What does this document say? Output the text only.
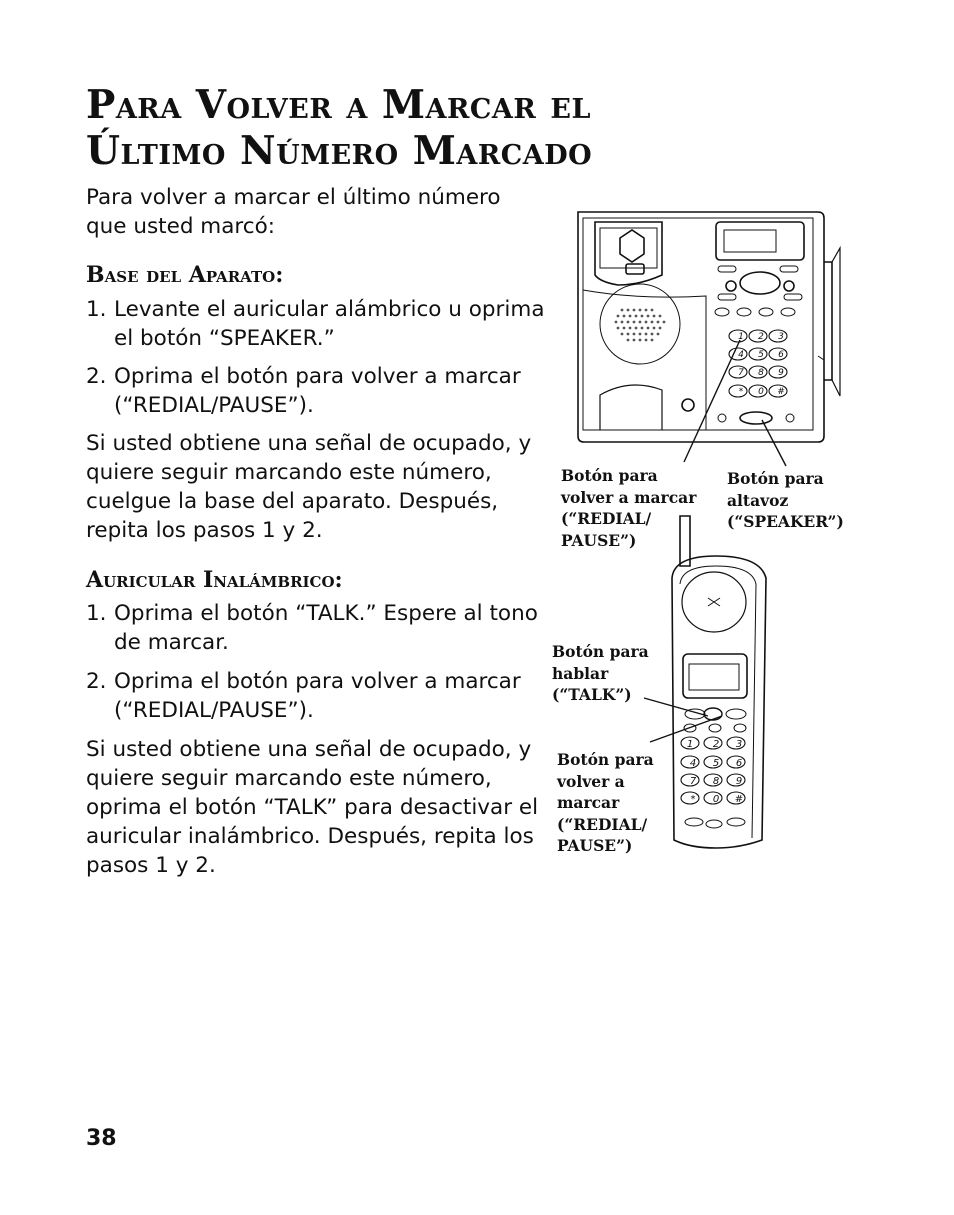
Para Volver a Marcar el
Último Número Marcado
Para volver a marcar el último número que usted marcó:
Base del Aparato:
1. Levante el auricular alámbrico u oprima el botón “SPEAKER.”
2. Oprima el botón para volver a marcar (“REDIAL/PAUSE”).
Si usted obtiene una señal de ocupado, y quiere seguir marcando este número, cuelgue la base del aparato. Después, repita los pasos 1 y 2.
Auricular Inalámbrico:
1. Oprima el botón “TALK.” Espere al tono de marcar.
2. Oprima el botón para volver a marcar (“REDIAL/PAUSE”).
Si usted obtiene una señal de ocupado, y quiere seguir marcando este número, oprima el botón “TALK” para desactivar el auricular inalámbrico. Después, repita los pasos 1 y 2.
1 2 3
4 5 6
7 8 9
* 0 #
1 2 3
4 5 6
7 8 9
* 0 #
Botón para volver a marcar (“REDIAL/ PAUSE”)
Botón para altavoz (“SPEAKER”)
Botón para hablar (“TALK”)
Botón para volver a marcar (“REDIAL/ PAUSE”)
38
